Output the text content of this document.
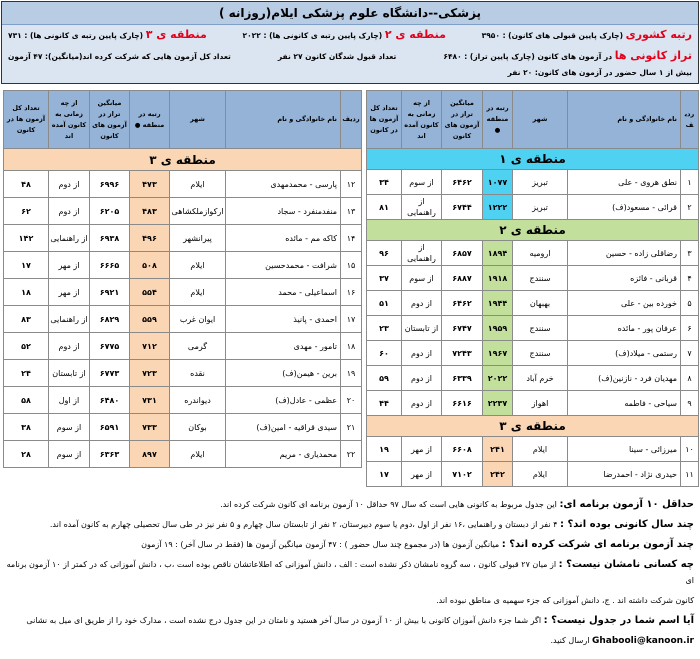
پزشکی--دانشگاه علوم پزشکی ایلام(روزانه )
رتبه کشوری (چارک پایین قبولی های کانون) : ۳۹۵۰
منطقه ی ۲ (چارک پایین رتبه ی کانونی ها) : ۲۰۲۲
منطقه ی ۳ (چارک پایین رتبه ی کانونی ها) : ۷۳۱
تراز کانونی ها در آزمون های کانون (چارک پایین تراز) : ۶۴۸۰
تعداد قبول شدگان کانون ۲۷ نفر
تعداد کل آزمون هایی که شرکت کرده اند(میانگین): ۴۷ آزمون
بیش از ۱ سال حضور در آزمون های کانون: ۲۰ نفر
ردیف	نام خانوادگی و نام	شهر	رتبه در منطقه ●	میانگین تراز در آزمون های کانون	از چه زمانی به کانون آمده اند	تعداد کل آزمون ها در کانون
منطقه ی ۱						
۱	نطق هروی - علی	تبریز	۱۰۷۷	۶۴۶۲	از سوم	۳۴
۲	قرائی - مسعود(ف)	تبریز	۱۲۲۲	۶۷۴۴	از راهنمایی	۸۱
منطقه ی ۲						
۳	رضاقلی زاده - حسین	ارومیه	۱۸۹۴	۶۸۵۷	از راهنمایی	۹۶
۴	قربانی - فائزه	سنندج	۱۹۱۸	۶۸۸۷	از سوم	۳۷
۵	خورده بین - علی	بهبهان	۱۹۴۴	۶۴۶۲	از دوم	۵۱
۶	عرفان پور - مائده	سنندج	۱۹۵۹	۶۷۴۷	از تابستان	۲۳
۷	رستمی - میلاد(ف)	سنندج	۱۹۶۷	۷۲۴۳	از دوم	۶۰
۸	مهدیان فرد - نازنین(ف)	خرم آباد	۲۰۲۲	۶۳۳۹	از دوم	۵۹
۹	سیاحی - فاطمه	اهواز	۲۲۳۷	۶۶۱۶	از دوم	۴۴
منطقه ی ۳						
۱۰	میرزائی - سینا	ایلام	۲۴۱	۶۶۰۸	از مهر	۱۹
۱۱	حیدری نژاد - احمدرضا	ایلام	۲۴۲	۷۱۰۲	از مهر	۱۷
ردیف	نام خانوادگی و نام	شهر	رتبه در منطقه ●	میانگین تراز در آزمون های کانون	از چه زمانی به کانون آمده اند	تعداد کل آزمون ها در کانون
منطقه ی ۳						
۱۲	پارسی - محمدمهدی	ایلام	۴۷۳	۶۹۹۶	از دوم	۴۸
۱۳	منفدمنفرد - سجاد	ارکوازملکشاهی	۴۸۳	۶۲۰۵	از دوم	۶۲
۱۴	کاکه مم - مائده	پیرانشهر	۴۹۶	۶۹۳۸	از راهنمایی	۱۴۲
۱۵	شرافت - محمدحسین	ایلام	۵۰۸	۶۶۶۵	از مهر	۱۷
۱۶	اسماعیلی - محمد	ایلام	۵۵۴	۶۹۲۱	از مهر	۱۸
۱۷	احمدی - پانیذ	ایوان غرب	۵۵۹	۶۸۲۹	از راهنمایی	۸۳
۱۸	تامور - مهدی	گرمی	۷۱۲	۶۷۷۵	از دوم	۵۲
۱۹	برین - هیمن(ف)	نقده	۷۲۳	۶۷۷۳	از تابستان	۲۴
۲۰	عظمی - عادل(ف)	دیواندره	۷۳۱	۶۴۸۰	از اول	۵۸
۲۱	سیدی قراقیه - امین(ف)	بوکان	۷۳۳	۶۵۹۱	از سوم	۳۸
۲۲	محمدیاری - مریم	ایلام	۸۹۷	۶۳۶۳	از سوم	۲۸
حداقل ۱۰ آزمون برنامه ای: این جدول مربوط به کانونی هایی است که سال ۹۷ حداقل ۱۰ آزمون برنامه ای کانون شرکت کرده اند.
چند سال کانونی بوده اند؟ : ۴ نفر از دبستان و راهنمایی ،۱۶ نفر از اول ،دوم یا سوم دبیرستان، ۲ نفر از تابستان سال چهارم و ۵ نفر نیز در طی سال تحصیلی چهارم به کانون آمده اند.
چند آزمون برنامه ای شرکت کرده اند؟ : میانگین آزمون ها (در مجموع چند سال حضور ) : ۴۷ آزمون میانگین آزمون ها (فقط در سال آخر) : ۱۹ آزمون
چه کسانی نامشان نیست؟ : از میان ۲۷ قبولی کانون ، سه گروه نامشان ذکر نشده است : الف ، دانش آموزانی که اطلاعاتشان ناقص بوده است ،ب ، دانش آموزانی که در کمتر از ۱۰ آزمون برنامه ای
کانون شرکت داشته اند . ج، دانش آموزانی که جزء سهمیه ی مناطق نبوده اند.
آیا اسم شما در جدول نیست؟ : اگر شما جزء دانش آموزان کانونی با بیش از ۱۰ آزمون در سال آخر هستید و نامتان در این جدول درج نشده است ، مدارک خود را از طریق ای میل به نشانی
Ghabooli@kanoon.ir ارسال کنید.
